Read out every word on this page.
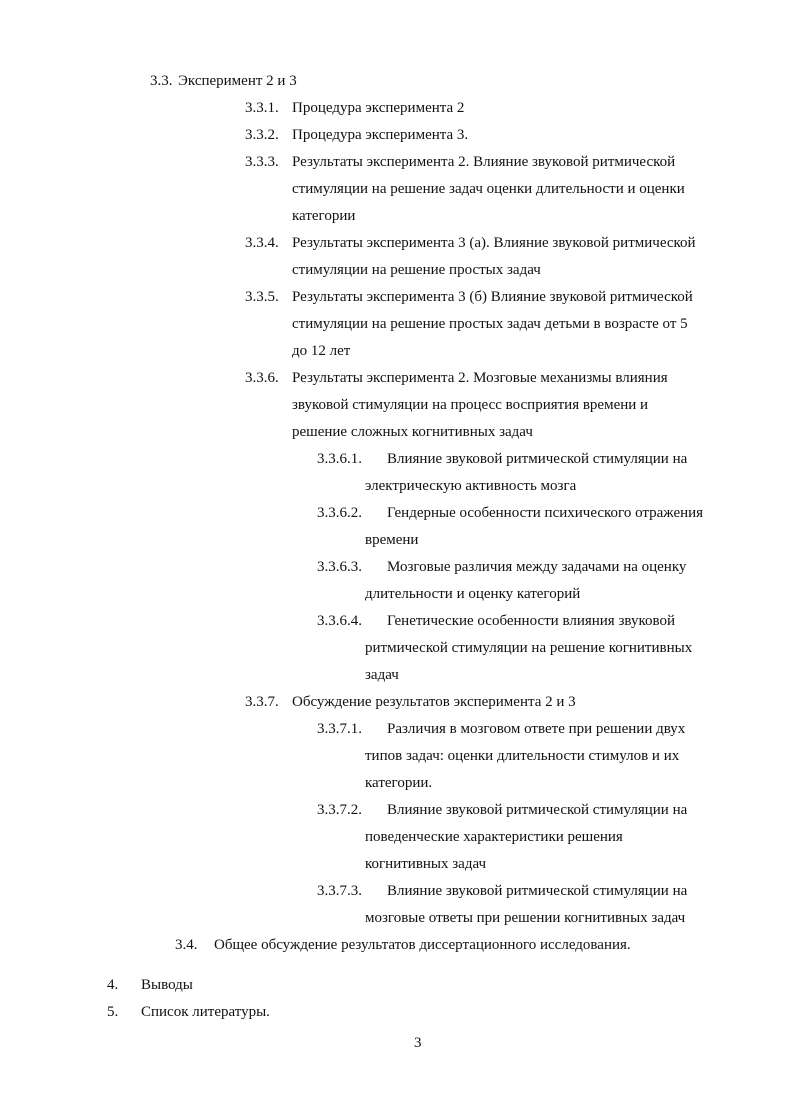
3.3. Эксперимент 2 и 3
3.3.1. Процедура эксперимента 2
3.3.2. Процедура эксперимента 3.
3.3.3. Результаты эксперимента 2. Влияние звуковой ритмической
стимуляции на решение задач оценки длительности и оценки
категории
3.3.4. Результаты эксперимента 3 (а). Влияние звуковой ритмической
стимуляции на решение простых задач
3.3.5. Результаты эксперимента 3 (б) Влияние звуковой ритмической
стимуляции на решение простых задач детьми в возрасте от 5
до 12 лет
3.3.6. Результаты эксперимента 2. Мозговые механизмы влияния
звуковой стимуляции на процесс восприятия времени и
решение сложных когнитивных задач
3.3.6.1. Влияние звуковой ритмической стимуляции на
электрическую активность мозга
3.3.6.2. Гендерные особенности психического отражения
времени
3.3.6.3. Мозговые различия между задачами на оценку
длительности и оценку категорий
3.3.6.4. Генетические особенности влияния звуковой
ритмической стимуляции на решение когнитивных
задач
3.3.7. Обсуждение результатов эксперимента 2 и 3
3.3.7.1. Различия в мозговом ответе при решении двух
типов задач: оценки длительности стимулов и их
категории.
3.3.7.2. Влияние звуковой ритмической стимуляции на
поведенческие характеристики решения
когнитивных задач
3.3.7.3. Влияние звуковой ритмической стимуляции на
мозговые ответы при решении когнитивных задач
3.4. Общее обсуждение результатов диссертационного исследования.
4. Выводы
5. Список литературы.
3
